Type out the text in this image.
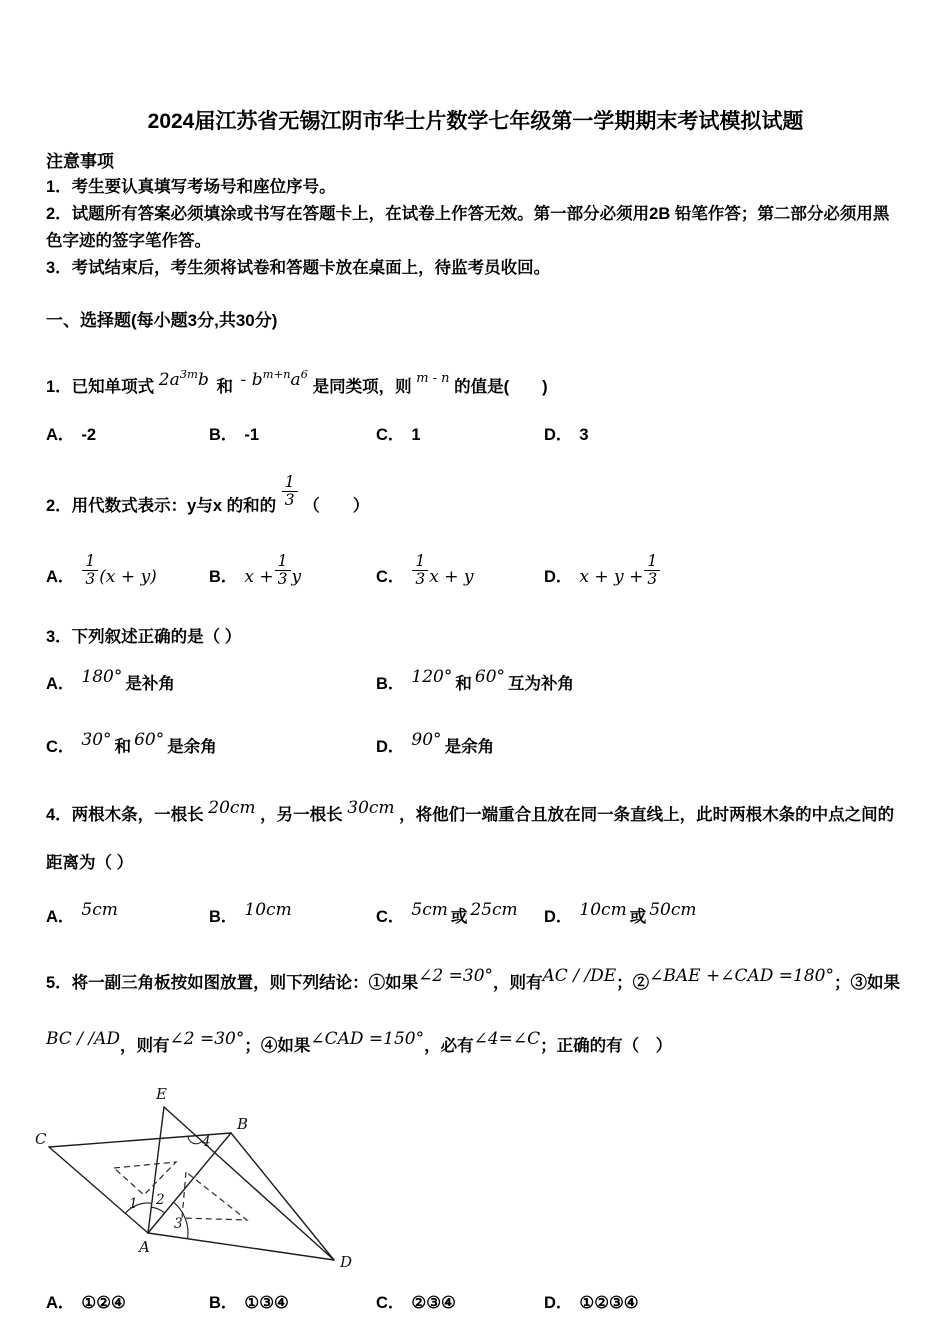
2024届江苏省无锡江阴市华士片数学七年级第一学期期末考试模拟试题
注意事项
1．考生要认真填写考场号和座位序号。
2．试题所有答案必须填涂或书写在答题卡上，在试卷上作答无效。第一部分必须用2B 铅笔作答；第二部分必须用黑色字迹的签字笔作答。
3．考试结束后，考生须将试卷和答题卡放在桌面上，待监考员收回。
一、选择题(每小题3分,共30分)
1．已知单项式 $2a^{3m}b$ 和 - $b^{m+n}a^6$ 是同类项，则 $^{m - n}$ 的值是(　　)
A． -2	B． -1	C． 1	D． 3
2．用代数式表示：y与x 的和的 $\frac{1}{3}$ （　　）
A． $\frac{1}{3} (x + y)$	B． $x + \frac{1}{3}$ y	C． $\frac{1}{3}$ x + y	D． $x + y + \frac{1}{3}$
3．下列叙述正确的是（ ）
A． 180° 是补角	B． 120° 和 60° 互为补角
C． 30° 和 60° 是余角	D． 90° 是余角
4．两根木条，一根长 20cm ，另一根长 30cm ，将他们一端重合且放在同一条直线上，此时两根木条的中点之间的距离为（ ）
A． 5cm	B． 10cm	C． 5cm 或 25cm	D． 10cm 或 50cm
5．将一副三角板按如图放置，则下列结论：①如果∠2 =30°，则有AC / /DE；②∠BAE +∠CAD =180°；③如果BC / /AD，则有∠2 =30°；④如果∠CAD =150°，必有∠4=∠C；正确的有（　）
E
B
C
A
D
1 2
3
4
A． ①②④	B． ①③④	C． ②③④	D． ①②③④
